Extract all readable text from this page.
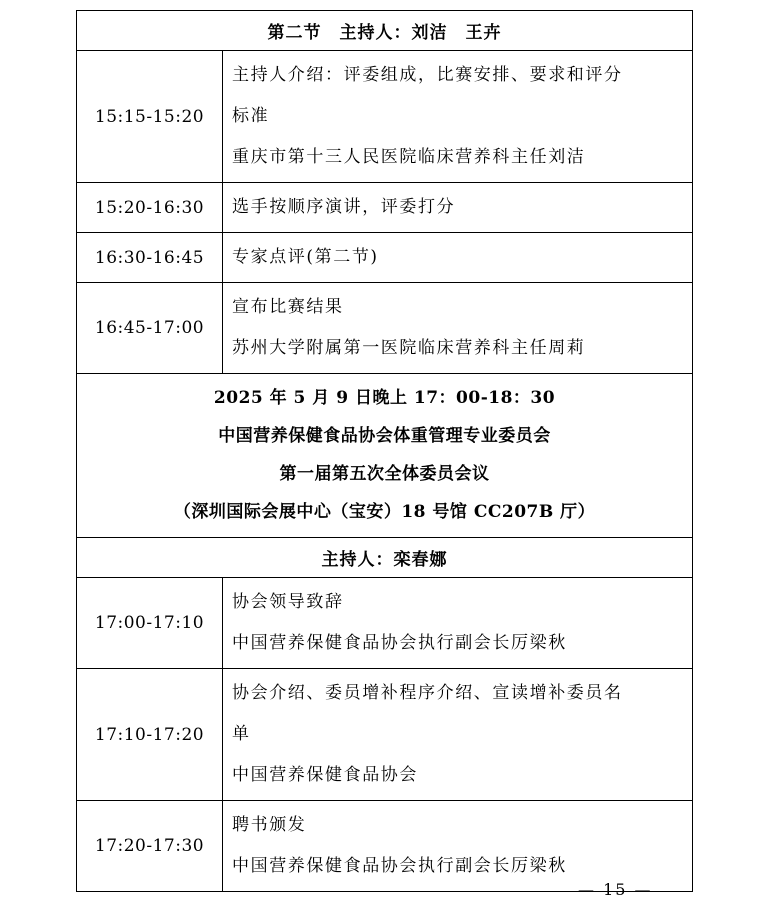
第二节　主持人：刘洁　王卉	
15:15-15:20	主持人介绍：评委组成，比赛安排、要求和评分
标准
重庆市第十三人民医院临床营养科主任刘洁

15:20-16:30	选手按顺序演讲，评委打分

16:30-16:45	专家点评(第二节)

16:45-17:00	宣布比赛结果
苏州大学附属第一医院临床营养科主任周莉

2025 年 5 月 9 日晚上 17：00-18：30
中国营养保健食品协会体重管理专业委员会
第一届第五次全体委员会议
（深圳国际会展中心（宝安）18 号馆 CC207B 厅）	

主持人：栾春娜	
17:00-17:10	协会领导致辞
中国营养保健食品协会执行副会长厉梁秋

17:10-17:20	协会介绍、委员增补程序介绍、宣读增补委员名
单
中国营养保健食品协会

17:20-17:30	聘书颁发
中国营养保健食品协会执行副会长厉梁秋
— 15 —
